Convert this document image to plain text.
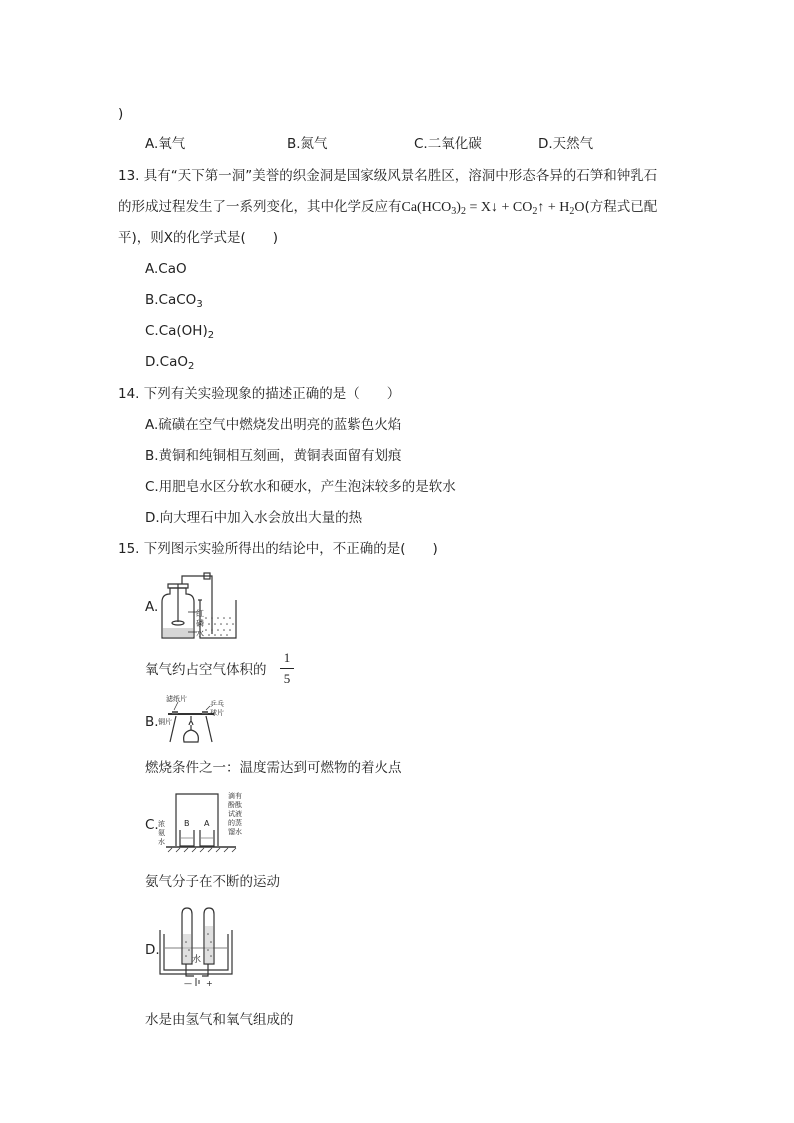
)
A.氧气	B.氮气	C.二氧化碳	D.天然气
13. 具有“天下第一洞”美誉的织金洞是国家级风景名胜区，溶洞中形态各异的石笋和钟乳石
的形成过程发生了一系列变化，其中化学反应有$Ca(HCO_3)_2$ = X↓ + $CO_2↑ + H_2O$(方程式已配
平)，则X的化学式是(　　)
A.CaO
B.CaCO$_3$
$C.Ca(OH)_2$
D.CaO$_2$
14. 下列有关实验现象的描述正确的是（　　）
A.硫磺在空气中燃烧发出明亮的蓝紫色火焰
B.黄铜和纯铜相互刻画，黄铜表面留有划痕
C.用肥皂水区分软水和硬水，产生泡沫较多的是软水
D.向大理石中加入水会放出大量的热
15. 下列图示实验所得出的结论中，不正确的是(　　)
A.	红
磷
水
氧气约占空气体积的
1
5
B.
滤纸片
乒乓
球片
铜片
燃烧条件之一：温度需达到可燃物的着火点
C.	B A
浓
氨
水
滴有
酚酞
试液
的蒸
馏水
氨气分子在不断的运动
D.
水
— +
水是由氢气和氧气组成的
